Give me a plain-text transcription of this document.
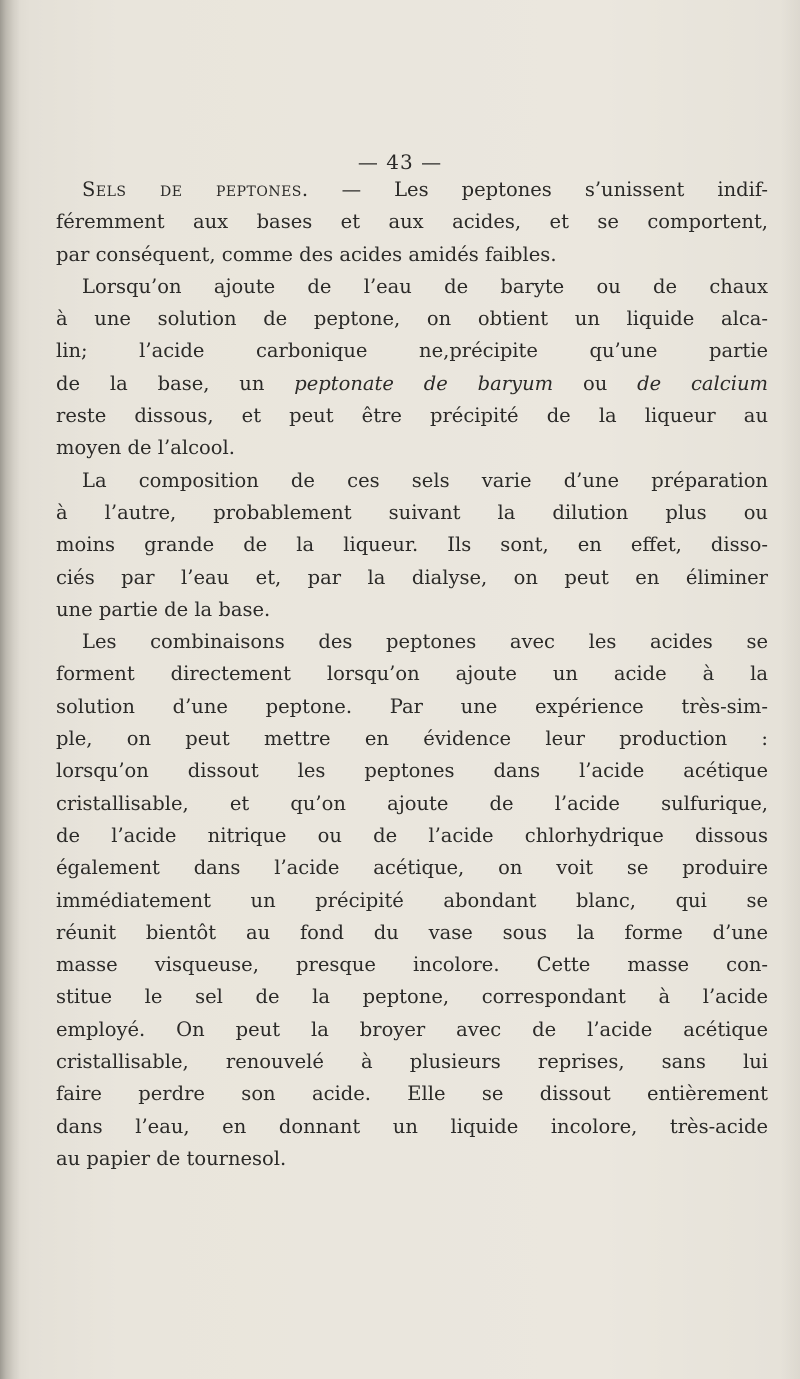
— 43 —
Sels de peptones. — Les peptones s’unissent indif-
féremment aux bases et aux acides, et se comportent,
par conséquent, comme des acides amidés faibles.
Lorsqu’on ajoute de l’eau de baryte ou de chaux
à une solution de peptone, on obtient un liquide alca-
lin; l’acide carbonique ne,précipite qu’une partie
de la base, un peptonate de baryum ou de calcium
reste dissous, et peut être précipité de la liqueur au
moyen de l’alcool.
La composition de ces sels varie d’une préparation
à l’autre, probablement suivant la dilution plus ou
moins grande de la liqueur. Ils sont, en effet, disso-
ciés par l’eau et, par la dialyse, on peut en éliminer
une partie de la base.
Les combinaisons des peptones avec les acides se
forment directement lorsqu’on ajoute un acide à la
solution d’une peptone. Par une expérience très-sim-
ple, on peut mettre en évidence leur production :
lorsqu’on dissout les peptones dans l’acide acétique
cristallisable, et qu’on ajoute de l’acide sulfurique,
de l’acide nitrique ou de l’acide chlorhydrique dissous
également dans l’acide acétique, on voit se produire
immédiatement un précipité abondant blanc, qui se
réunit bientôt au fond du vase sous la forme d’une
masse visqueuse, presque incolore. Cette masse con-
stitue le sel de la peptone, correspondant à l’acide
employé. On peut la broyer avec de l’acide acétique
cristallisable, renouvelé à plusieurs reprises, sans lui
faire perdre son acide. Elle se dissout entièrement
dans l’eau, en donnant un liquide incolore, très-acide
au papier de tournesol.
